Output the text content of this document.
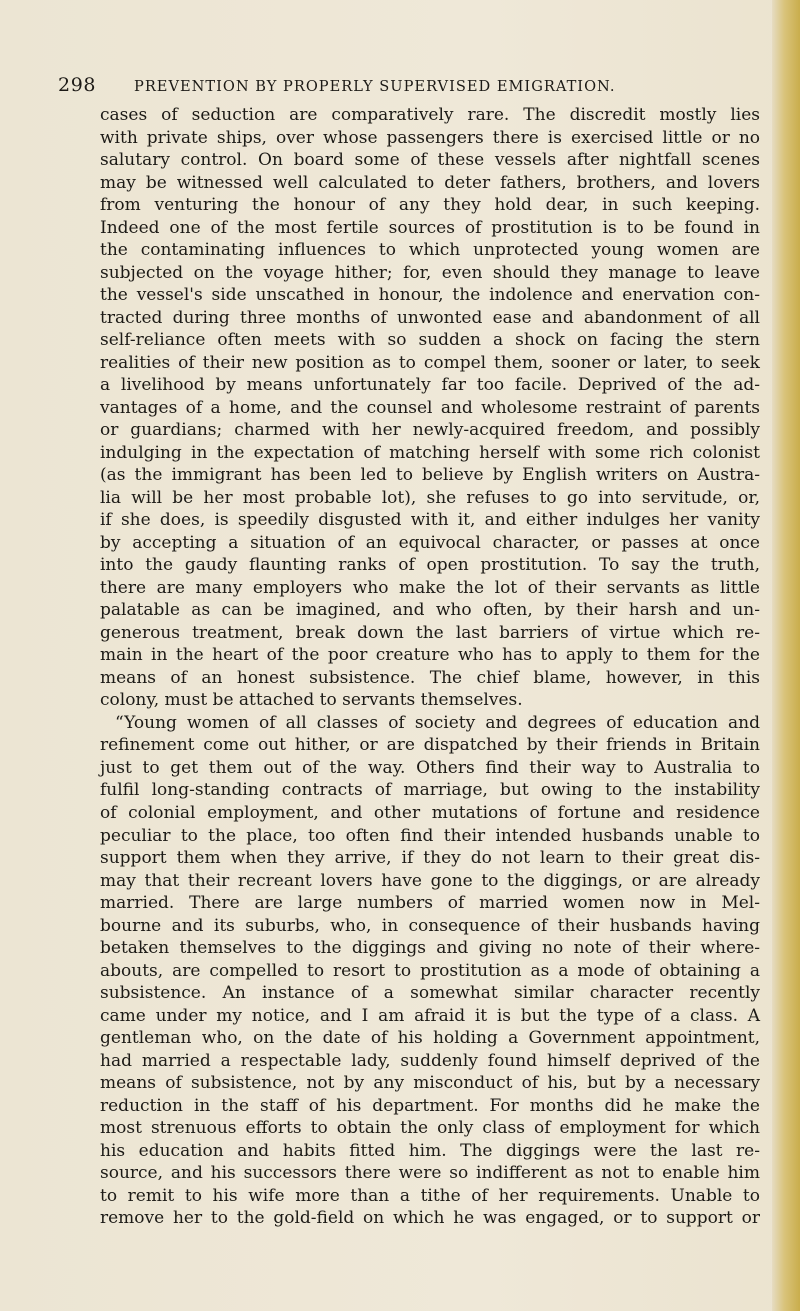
298	PREVENTION BY PROPERLY SUPERVISED EMIGRATION.
cases of seduction are comparatively rare. The discredit mostly lies
with private ships, over whose passengers there is exercised little or no
salutary control. On board some of these vessels after nightfall scenes
may be witnessed well calculated to deter fathers, brothers, and lovers
from venturing the honour of any they hold dear, in such keeping.
Indeed one of the most fertile sources of prostitution is to be found in
the contaminating influences to which unprotected young women are
subjected on the voyage hither; for, even should they manage to leave
the vessel's side unscathed in honour, the indolence and enervation con-
tracted during three months of unwonted ease and abandonment of all
self-reliance often meets with so sudden a shock on facing the stern
realities of their new position as to compel them, sooner or later, to seek
a livelihood by means unfortunately far too facile. Deprived of the ad-
vantages of a home, and the counsel and wholesome restraint of parents
or guardians; charmed with her newly-acquired freedom, and possibly
indulging in the expectation of matching herself with some rich colonist
(as the immigrant has been led to believe by English writers on Austra-
lia will be her most probable lot), she refuses to go into servitude, or,
if she does, is speedily disgusted with it, and either indulges her vanity
by accepting a situation of an equivocal character, or passes at once
into the gaudy flaunting ranks of open prostitution. To say the truth,
there are many employers who make the lot of their servants as little
palatable as can be imagined, and who often, by their harsh and un-
generous treatment, break down the last barriers of virtue which re-
main in the heart of the poor creature who has to apply to them for the
means of an honest subsistence. The chief blame, however, in this
colony, must be attached to servants themselves.
“Young women of all classes of society and degrees of education and
refinement come out hither, or are dispatched by their friends in Britain
just to get them out of the way. Others find their way to Australia to
fulfil long-standing contracts of marriage, but owing to the instability
of colonial employment, and other mutations of fortune and residence
peculiar to the place, too often find their intended husbands unable to
support them when they arrive, if they do not learn to their great dis-
may that their recreant lovers have gone to the diggings, or are already
married. There are large numbers of married women now in Mel-
bourne and its suburbs, who, in consequence of their husbands having
betaken themselves to the diggings and giving no note of their where-
abouts, are compelled to resort to prostitution as a mode of obtaining a
subsistence. An instance of a somewhat similar character recently
came under my notice, and I am afraid it is but the type of a class. A
gentleman who, on the date of his holding a Government appointment,
had married a respectable lady, suddenly found himself deprived of the
means of subsistence, not by any misconduct of his, but by a necessary
reduction in the staff of his department. For months did he make the
most strenuous efforts to obtain the only class of employment for which
his education and habits fitted him. The diggings were the last re-
source, and his successors there were so indifferent as not to enable him
to remit to his wife more than a tithe of her requirements. Unable to
remove her to the gold-field on which he was engaged, or to support or
